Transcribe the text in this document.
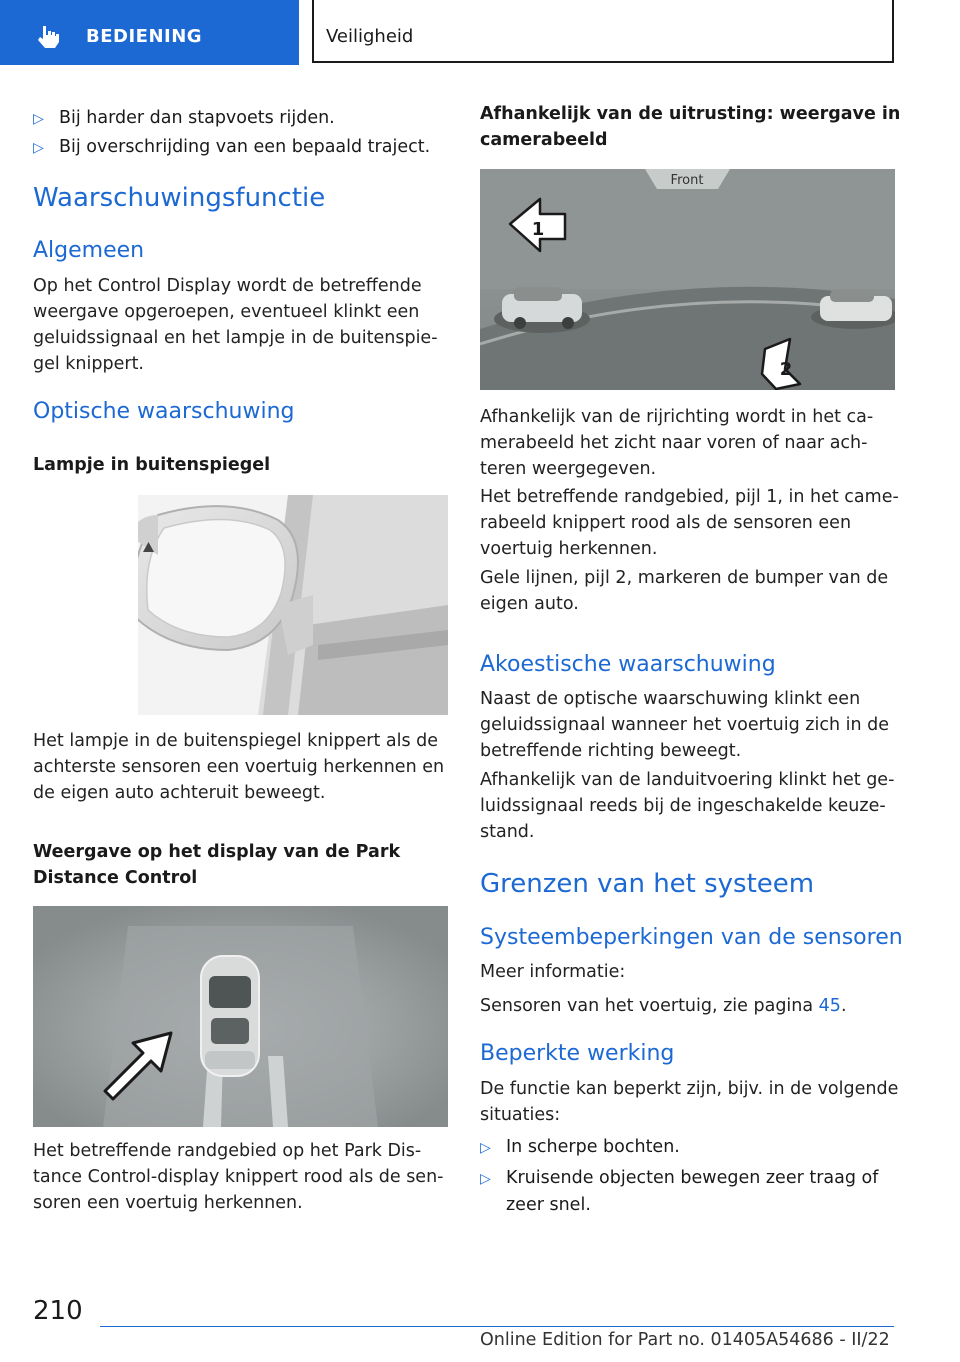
BEDIENING	Veiligheid
▷ Bij harder dan stapvoets rijden.
▷ Bij overschrijding van een bepaald traject.
Waarschuwingsfunctie
Algemeen
Op het Control Display wordt de betreffende
weergave opgeroepen, eventueel klinkt een
geluidssignaal en het lampje in de buitenspie-
gel knippert.
Optische waarschuwing
Lampje in buitenspiegel
Het lampje in de buitenspiegel knippert als de
achterste sensoren een voertuig herkennen en
de eigen auto achteruit beweegt.
Weergave op het display van de Park
Distance Control
Het betreffende randgebied op het Park Dis-
tance Control-display knippert rood als de sen-
soren een voertuig herkennen.
Afhankelijk van de uitrusting: weergave in
camerabeeld
Front
1
2
Afhankelijk van de rijrichting wordt in het ca-
merabeeld het zicht naar voren of naar ach-
teren weergegeven.
Het betreffende randgebied, pijl 1, in het came-
rabeeld knippert rood als de sensoren een
voertuig herkennen.
Gele lijnen, pijl 2, markeren de bumper van de
eigen auto.
Akoestische waarschuwing
Naast de optische waarschuwing klinkt een
geluidssignaal wanneer het voertuig zich in de
betreffende richting beweegt.
Afhankelijk van de landuitvoering klinkt het ge-
luidssignaal reeds bij de ingeschakelde keuze-
stand.
Grenzen van het systeem
Systeembeperkingen van de sensoren
Meer informatie:
Sensoren van het voertuig, zie pagina 45.
Beperkte werking
De functie kan beperkt zijn, bijv. in de volgende
situaties:
▷ In scherpe bochten.
▷ Kruisende objecten bewegen zeer traag of
zeer snel.
210
Online Edition for Part no. 01405A54686 - II/22
